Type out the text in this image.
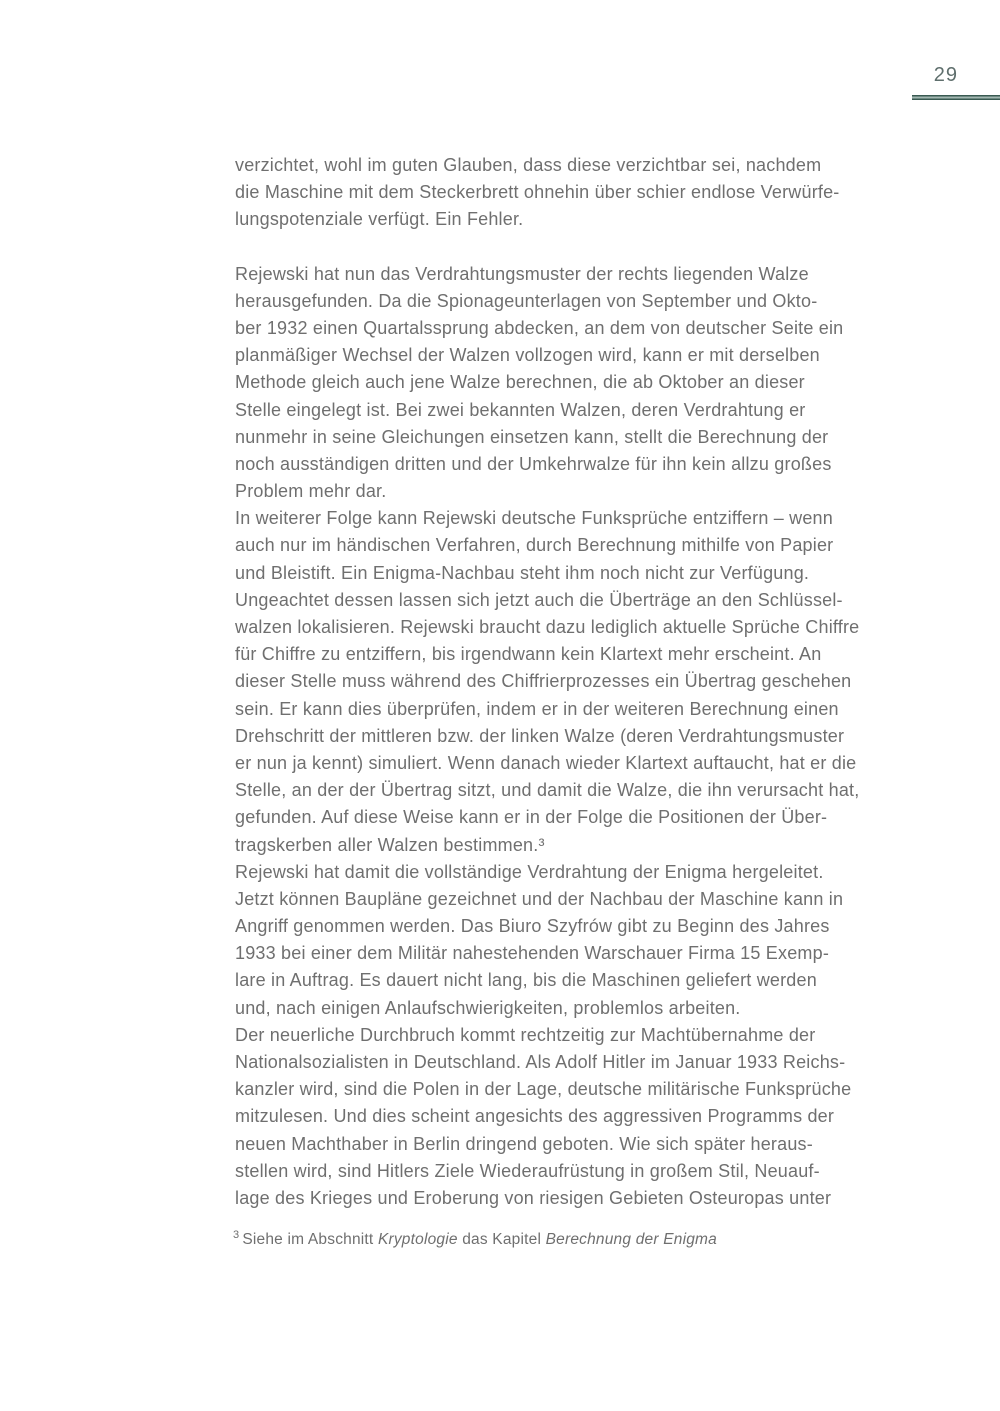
29
verzichtet, wohl im guten Glauben, dass diese verzichtbar sei, nachdem
die Maschine mit dem Steckerbrett ohnehin über schier endlose Verwürfe-
lungspotenziale verfügt. Ein Fehler.
Rejewski hat nun das Verdrahtungsmuster der rechts liegenden Walze
herausgefunden. Da die Spionageunterlagen von September und Okto-
ber 1932 einen Quartalssprung abdecken, an dem von deutscher Seite ein
planmäßiger Wechsel der Walzen vollzogen wird, kann er mit derselben
Methode gleich auch jene Walze berechnen, die ab Oktober an dieser
Stelle eingelegt ist. Bei zwei bekannten Walzen, deren Verdrahtung er
nunmehr in seine Gleichungen einsetzen kann, stellt die Berechnung der
noch ausständigen dritten und der Umkehrwalze für ihn kein allzu großes
Problem mehr dar.
In weiterer Folge kann Rejewski deutsche Funksprüche entziffern – wenn
auch nur im händischen Verfahren, durch Berechnung mithilfe von Papier
und Bleistift. Ein Enigma-Nachbau steht ihm noch nicht zur Verfügung.
Ungeachtet dessen lassen sich jetzt auch die Überträge an den Schlüssel-
walzen lokalisieren. Rejewski braucht dazu lediglich aktuelle Sprüche Chiffre
für Chiffre zu entziffern, bis irgendwann kein Klartext mehr erscheint. An
dieser Stelle muss während des Chiffrierprozesses ein Übertrag geschehen
sein. Er kann dies überprüfen, indem er in der weiteren Berechnung einen
Drehschritt der mittleren bzw. der linken Walze (deren Verdrahtungsmuster
er nun ja kennt) simuliert. Wenn danach wieder Klartext auftaucht, hat er die
Stelle, an der der Übertrag sitzt, und damit die Walze, die ihn verursacht hat,
gefunden. Auf diese Weise kann er in der Folge die Positionen der Über-
tragskerben aller Walzen bestimmen.³
Rejewski hat damit die vollständige Verdrahtung der Enigma hergeleitet.
Jetzt können Baupläne gezeichnet und der Nachbau der Maschine kann in
Angriff genommen werden. Das Biuro Szyfrów gibt zu Beginn des Jahres
1933 bei einer dem Militär nahestehenden Warschauer Firma 15 Exemp-
lare in Auftrag. Es dauert nicht lang, bis die Maschinen geliefert werden
und, nach einigen Anlaufschwierigkeiten, problemlos arbeiten.
Der neuerliche Durchbruch kommt rechtzeitig zur Machtübernahme der
Nationalsozialisten in Deutschland. Als Adolf Hitler im Januar 1933 Reichs-
kanzler wird, sind die Polen in der Lage, deutsche militärische Funksprüche
mitzulesen. Und dies scheint angesichts des aggressiven Programms der
neuen Machthaber in Berlin dringend geboten. Wie sich später heraus-
stellen wird, sind Hitlers Ziele Wiederaufrüstung in großem Stil, Neuauf-
lage des Krieges und Eroberung von riesigen Gebieten Osteuropas unter
$^3$ Siehe im Abschnitt Kryptologie das Kapitel Berechnung der Enigma
